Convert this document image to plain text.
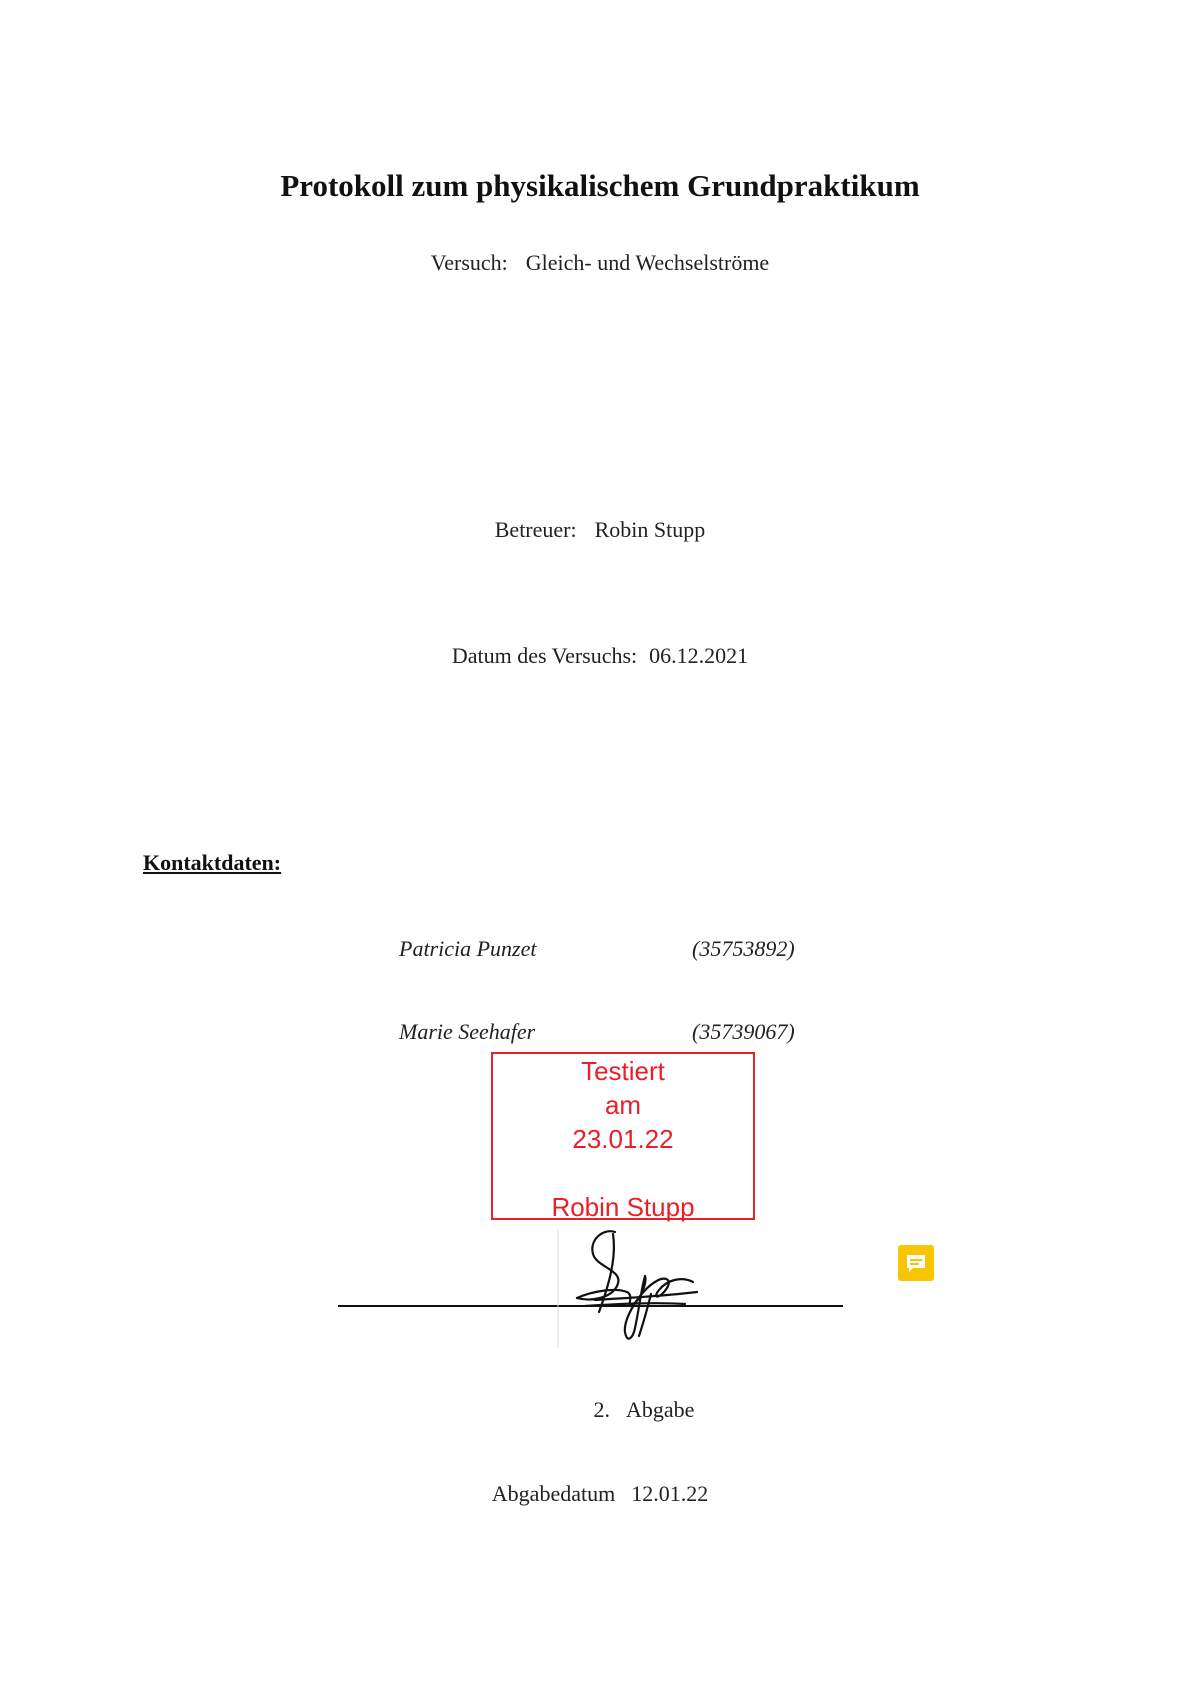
Protokoll zum physikalischem Grundpraktikum
Versuch: Gleich- und Wechselströme
Betreuer: Robin Stupp
Datum des Versuchs: 06.12.2021
Kontaktdaten:
Patricia Punzet	(35753892)
Marie Seehafer	(35739067)
Testiert
am
23.01.22
Robin Stupp
2. Abgabe
Abgabedatum 12.01.22
